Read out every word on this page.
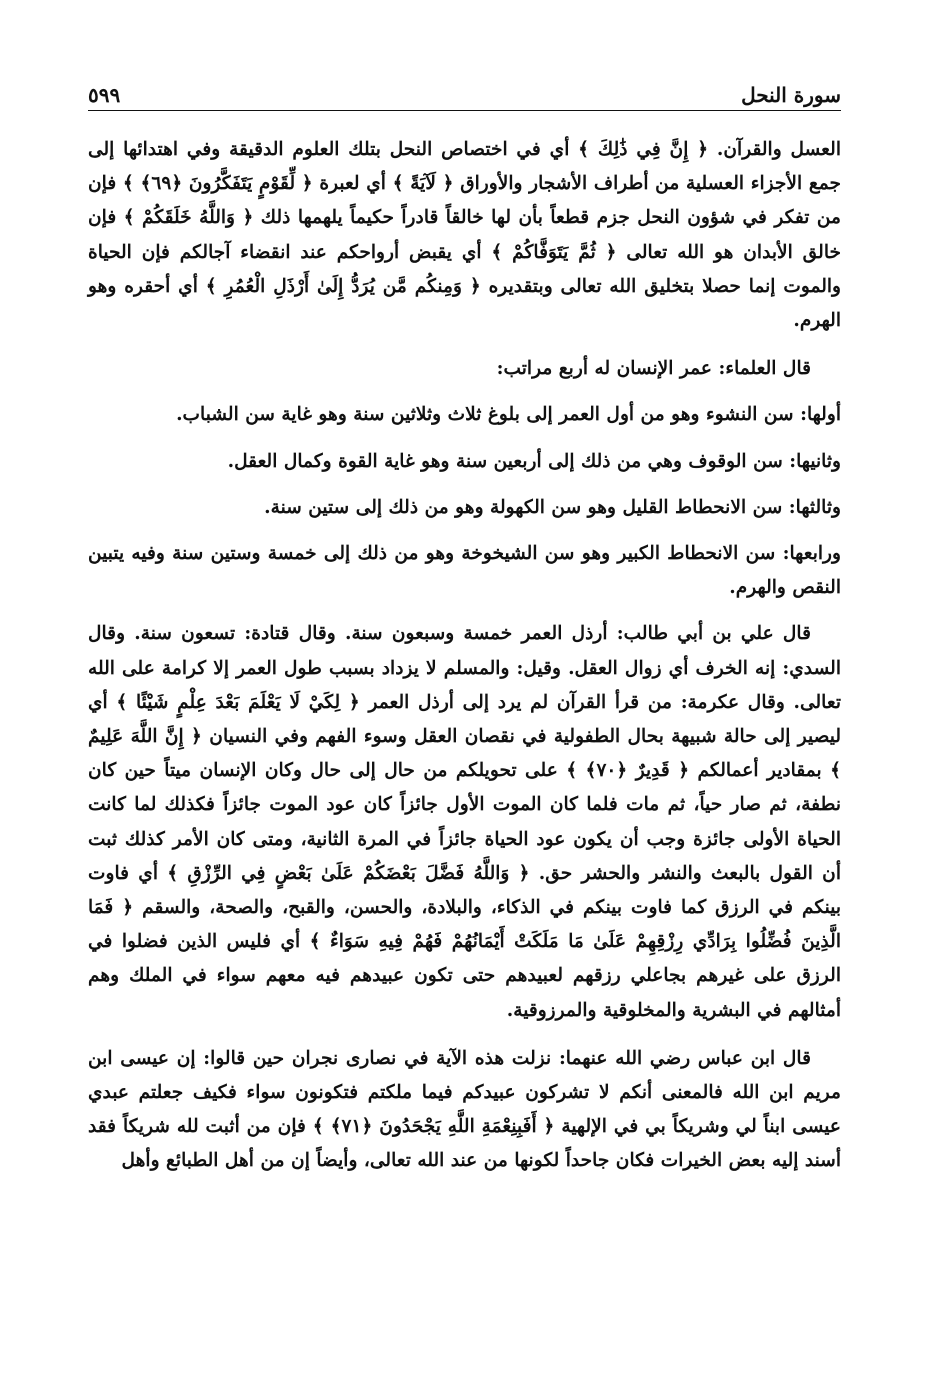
سورة النحل
٥٩٩

العسل والقرآن. ﴿ إِنَّ فِي ذَٰلِكَ ﴾ أي في اختصاص النحل بتلك العلوم الدقيقة وفي اهتدائها إلى جمع الأجزاء العسلية من أطراف الأشجار والأوراق ﴿ لَآيَةً ﴾ أي لعبرة ﴿ لِّقَوْمٍ يَتَفَكَّرُونَ ﴿٦٩﴾ ﴾ فإن من تفكر في شؤون النحل جزم قطعاً بأن لها خالقاً قادراً حكيماً يلهمها ذلك ﴿ وَاللَّهُ خَلَقَكُمْ ﴾ فإن خالق الأبدان هو الله تعالى ﴿ ثُمَّ يَتَوَفَّاكُمْ ﴾ أي يقبض أرواحكم عند انقضاء آجالكم فإن الحياة والموت إنما حصلا بتخليق الله تعالى وبتقديره ﴿ وَمِنكُم مَّن يُرَدُّ إِلَىٰ أَرْذَلِ الْعُمُرِ ﴾ أي أحقره وهو الهرم.

قال العلماء: عمر الإنسان له أربع مراتب:

أولها: سن النشوء وهو من أول العمر إلى بلوغ ثلاث وثلاثين سنة وهو غاية سن الشباب.

وثانيها: سن الوقوف وهي من ذلك إلى أربعين سنة وهو غاية القوة وكمال العقل.

وثالثها: سن الانحطاط القليل وهو سن الكهولة وهو من ذلك إلى ستين سنة.

ورابعها: سن الانحطاط الكبير وهو سن الشيخوخة وهو من ذلك إلى خمسة وستين سنة وفيه يتبين النقص والهرم.

قال علي بن أبي طالب: أرذل العمر خمسة وسبعون سنة. وقال قتادة: تسعون سنة. وقال السدي: إنه الخرف أي زوال العقل. وقيل: والمسلم لا يزداد بسبب طول العمر إلا كرامة على الله تعالى. وقال عكرمة: من قرأ القرآن لم يرد إلى أرذل العمر ﴿ لِكَيْ لَا يَعْلَمَ بَعْدَ عِلْمٍ شَيْئًا ﴾ أي ليصير إلى حالة شبيهة بحال الطفولية في نقصان العقل وسوء الفهم وفي النسيان ﴿ إِنَّ اللَّهَ عَلِيمٌ ﴾ بمقادير أعمالكم ﴿ قَدِيرٌ ﴿٧٠﴾ ﴾ على تحويلكم من حال إلى حال وكان الإنسان ميتاً حين كان نطفة، ثم صار حياً، ثم مات فلما كان الموت الأول جائزاً كان عود الموت جائزاً فكذلك لما كانت الحياة الأولى جائزة وجب أن يكون عود الحياة جائزاً في المرة الثانية، ومتى كان الأمر كذلك ثبت أن القول بالبعث والنشر والحشر حق. ﴿ وَاللَّهُ فَضَّلَ بَعْضَكُمْ عَلَىٰ بَعْضٍ فِي الرِّزْقِ ﴾ أي فاوت بينكم في الرزق كما فاوت بينكم في الذكاء، والبلادة، والحسن، والقبح، والصحة، والسقم ﴿ فَمَا الَّذِينَ فُضِّلُوا بِرَادِّي رِزْقِهِمْ عَلَىٰ مَا مَلَكَتْ أَيْمَانُهُمْ فَهُمْ فِيهِ سَوَاءٌ ﴾ أي فليس الذين فضلوا في الرزق على غيرهم بجاعلي رزقهم لعبيدهم حتى تكون عبيدهم فيه معهم سواء في الملك وهم أمثالهم في البشرية والمخلوقية والمرزوقية.

قال ابن عباس رضي الله عنهما: نزلت هذه الآية في نصارى نجران حين قالوا: إن عيسى ابن مريم ابن الله فالمعنى أنكم لا تشركون عبيدكم فيما ملكتم فتكونون سواء فكيف جعلتم عبدي عيسى ابناً لي وشريكاً بي في الإلهية ﴿ أَفَبِنِعْمَةِ اللَّهِ يَجْحَدُونَ ﴿٧١﴾ ﴾ فإن من أثبت لله شريكاً فقد أسند إليه بعض الخيرات فكان جاحداً لكونها من عند الله تعالى، وأيضاً إن من أهل الطبائع وأهل
